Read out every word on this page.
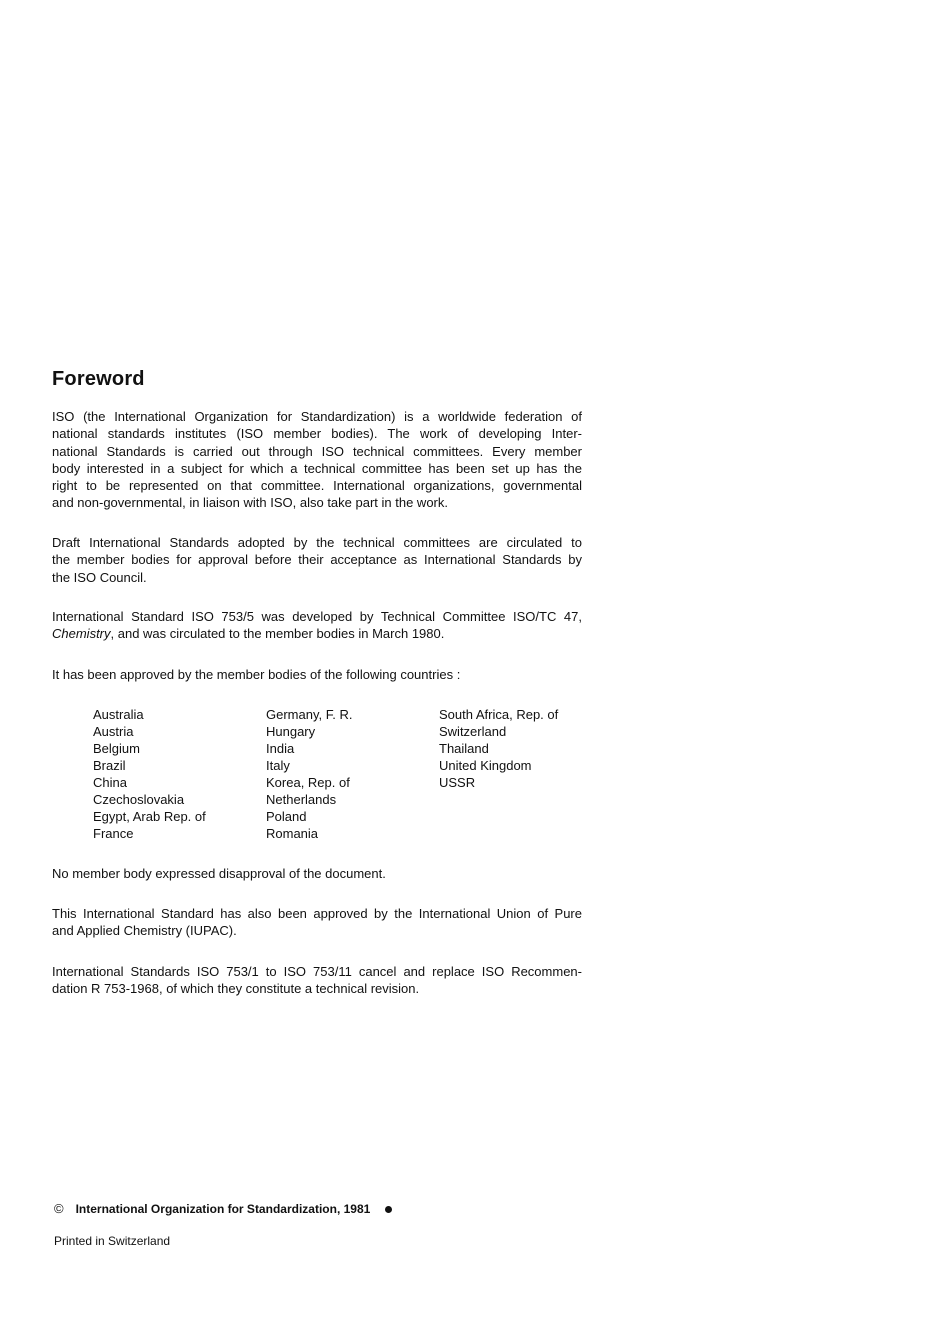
Foreword

ISO (the International Organization for Standardization) is a worldwide federation of
national standards institutes (ISO member bodies). The work of developing Inter-
national Standards is carried out through ISO technical committees. Every member
body interested in a subject for which a technical committee has been set up has the
right to be represented on that committee. International organizations, governmental
and non-governmental, in liaison with ISO, also take part in the work.

Draft International Standards adopted by the technical committees are circulated to
the member bodies for approval before their acceptance as International Standards by
the ISO Council.

International Standard ISO 753/5 was developed by Technical Committee ISO/TC 47,
Chemistry, and was circulated to the member bodies in March 1980.

It has been approved by the member bodies of the following countries :

Australia
Austria
Belgium
Brazil
China
Czechoslovakia
Egypt, Arab Rep. of
France
Germany, F. R.
Hungary
India
Italy
Korea, Rep. of
Netherlands
Poland
Romania
South Africa, Rep. of
Switzerland
Thailand
United Kingdom
USSR

No member body expressed disapproval of the document.

This International Standard has also been approved by the International Union of Pure
and Applied Chemistry (IUPAC).

International Standards ISO 753/1 to ISO 753/11 cancel and replace ISO Recommen-
dation R 753-1968, of which they constitute a technical revision.

© International Organization for Standardization, 1981
Printed in Switzerland
